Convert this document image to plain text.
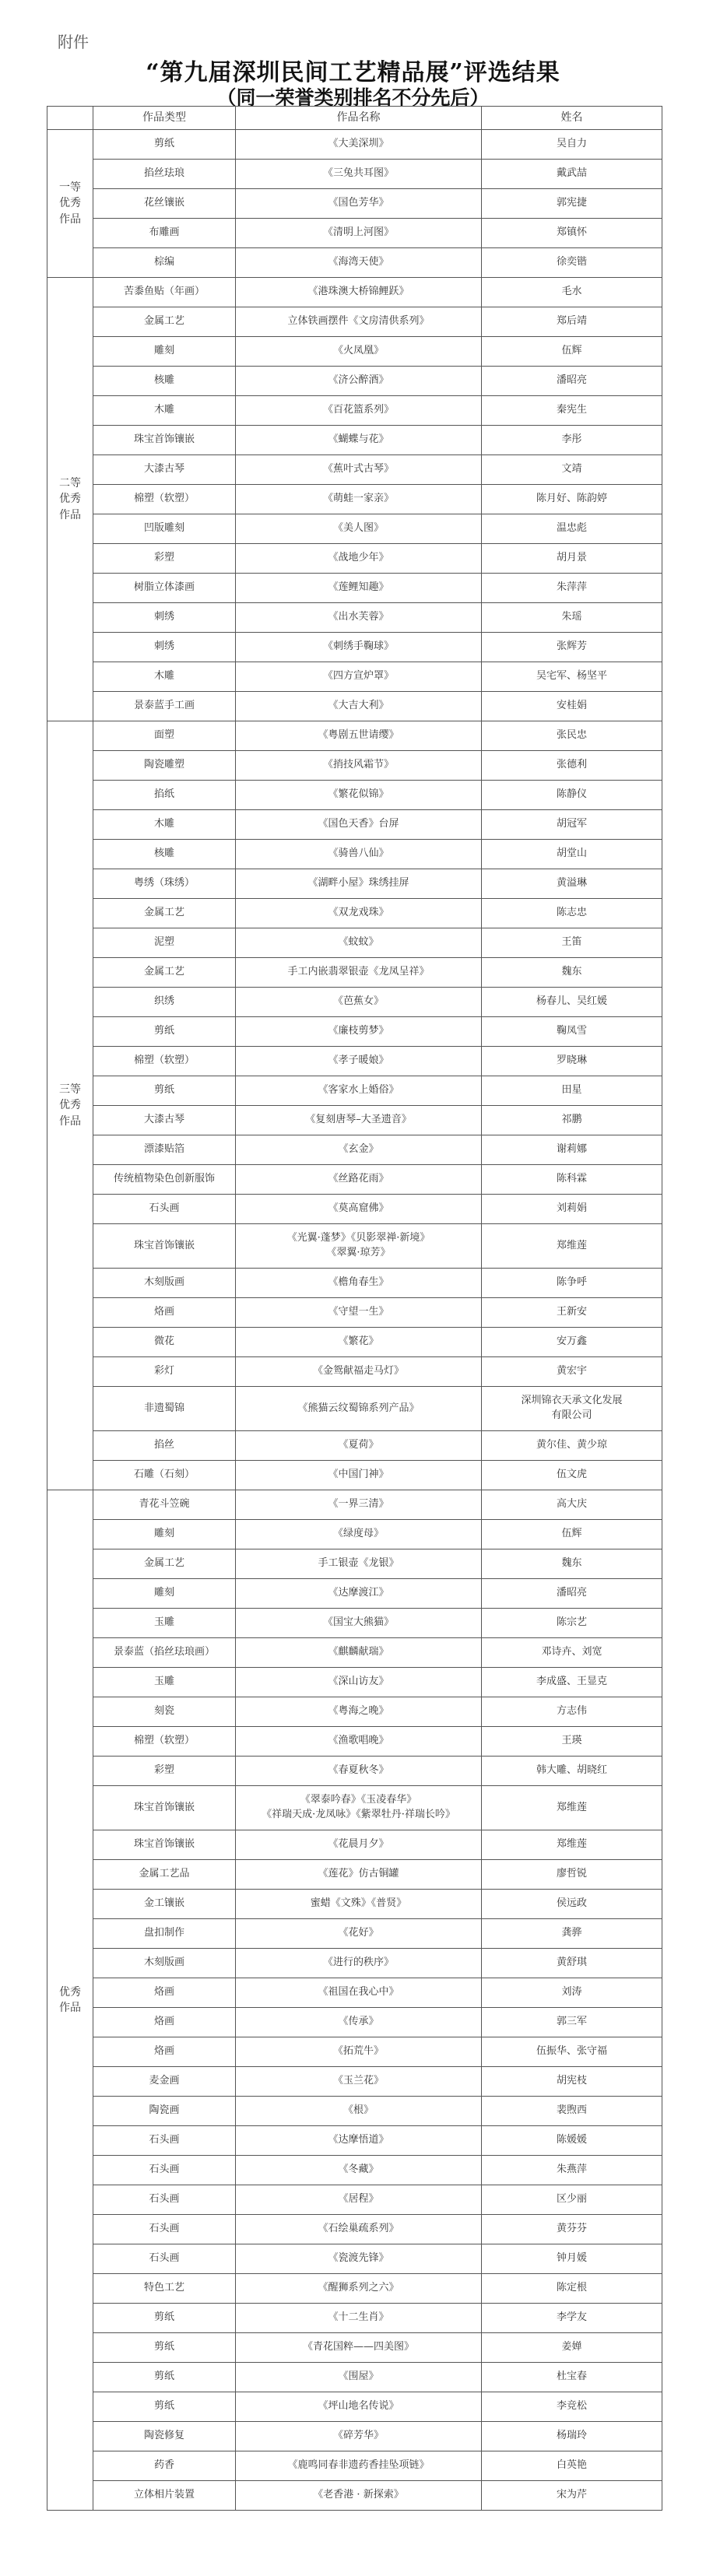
附件
“第九届深圳民间工艺精品展”评选结果
（同一荣誉类别排名不分先后）
	作品类型	作品名称	姓名

一等
优秀
作品	剪纸	《大美深圳》	吴自力
	掐丝珐琅	《三兔共耳图》	戴武喆
	花丝镶嵌	《国色芳华》	郭宪捷
	布雕画	《清明上河图》	郑镇怀
	棕编	《海湾天使》	徐奕锴

二等
优秀
作品	苦黍鱼贴（年画）	《港珠澳大桥锦鲤跃》	毛水
	金属工艺	立体铁画摆件《文房清供系列》	郑后靖
	雕刻	《火凤凰》	伍辉
	核雕	《济公醉酒》	潘昭亮
	木雕	《百花篮系列》	秦宪生
	珠宝首饰镶嵌	《蝴蝶与花》	李彤
	大漆古琴	《蕉叶式古琴》	文靖
	棉塑（软塑）	《萌蛙一家亲》	陈月好、陈韵婷
	凹版雕刻	《美人图》	温忠彪
	彩塑	《战地少年》	胡月景
	树脂立体漆画	《莲鲤知趣》	朱萍萍
	刺绣	《出水芙蓉》	朱瑶
	刺绣	《刺绣手鞠球》	张辉芳
	木雕	《四方宣炉罩》	吴宅军、杨坚平
	景泰蓝手工画	《大吉大利》	安桂娟

三等
优秀
作品	面塑	《粤剧五世请缨》	张民忠
	陶瓷雕塑	《捎技风霜节》	张德利
	掐纸	《繁花似锦》	陈静仪
	木雕	《国色天香》台屏	胡冠军
	核雕	《骑兽八仙》	胡堂山
	粤绣（珠绣）	《湖畔小屋》珠绣挂屏	黄溢琳
	金属工艺	《双龙戏珠》	陈志忠
	泥塑	《蚊蚊》	王笛
	金属工艺	手工内嵌翡翠银壶《龙凤呈祥》	魏东
	织绣	《芭蕉女》	杨春儿、吴红媛
	剪纸	《廉枝剪梦》	鞠凤雪
	棉塑（软塑）	《孝子暖娘》	罗晓琳
	剪纸	《客家水上婚俗》	田星
	大漆古琴	《复刻唐琴–大圣遗音》	祁鹏
	漂漆贴箔	《玄金》	谢莉娜
	传统植物染色创新服饰	《丝路花雨》	陈科霖
	石头画	《莫高窟佛》	刘莉娟
	珠宝首饰镶嵌	《光翼·蓬梦》《贝影翠禅·新境》
《翠翼·琼芳》	郑维莲
	木刻版画	《檐角春生》	陈争呼
	烙画	《守望一生》	王新安
	微花	《繁花》	安万鑫
	彩灯	《金鸳献福走马灯》	黄宏宇
	非遗蜀锦	《熊猫云纹蜀锦系列产品》	深圳锦衣天承文化发展
有限公司

	掐丝	《夏荷》	黄尔佳、黄少琼
	石雕（石刻）	《中国门神》	伍文虎

优秀
作品	青花斗笠碗	《一界三清》	高大庆
	雕刻	《绿度母》	伍辉
	金属工艺	手工银壶《龙银》	魏东
	雕刻	《达摩渡江》	潘昭亮
	玉雕	《国宝大熊猫》	陈宗艺
	景泰蓝（掐丝珐琅画）	《麒麟献瑞》	邓诗卉、刘宽
	玉雕	《深山访友》	李成盛、王显克
	刻瓷	《粤海之晚》	方志伟
	棉塑（软塑）	《渔歌唱晚》	王瑛
	彩塑	《春夏秋冬》	韩大雕、胡晓红
	珠宝首饰镶嵌	《翠泰吟春》《玉凌春华》
《祥瑞天成·龙凤咏》《紫翠牡丹·祥瑞长吟》	郑维莲
	珠宝首饰镶嵌	《花晨月夕》	郑维莲
	金属工艺品	《莲花》仿古铜罐	廖哲锐
	金工镶嵌	蜜蜡《文殊》《普贤》	侯远政
	盘扣制作	《花好》	龚骅
	木刻版画	《进行的秩序》	黄舒琪
	烙画	《祖国在我心中》	刘涛
	烙画	《传承》	郭三军
	烙画	《拓荒牛》	伍振华、张守福
	麦金画	《玉兰花》	胡宪枝
	陶瓷画	《根》	裴煦西
	石头画	《达摩悟道》	陈媛媛
	石头画	《冬藏》	朱燕萍
	石头画	《居程》	区少丽
	石头画	《石绘巢疏系列》	黄芬芬
	石头画	《瓷渡先锋》	钟月媛
	特色工艺	《醒狮系列之六》	陈定根
	剪纸	《十二生肖》	李学友
	剪纸	《青花国粹——四美图》	姜婵
	剪纸	《围屋》	杜宝春
	剪纸	《坪山地名传说》	李竞松
	陶瓷修复	《碎芳华》	杨瑞玲
	药香	《鹿鸣同春非遗药香挂坠项链》	白英艳
	立体相片装置	《老香港 · 新探索》	宋为芹
